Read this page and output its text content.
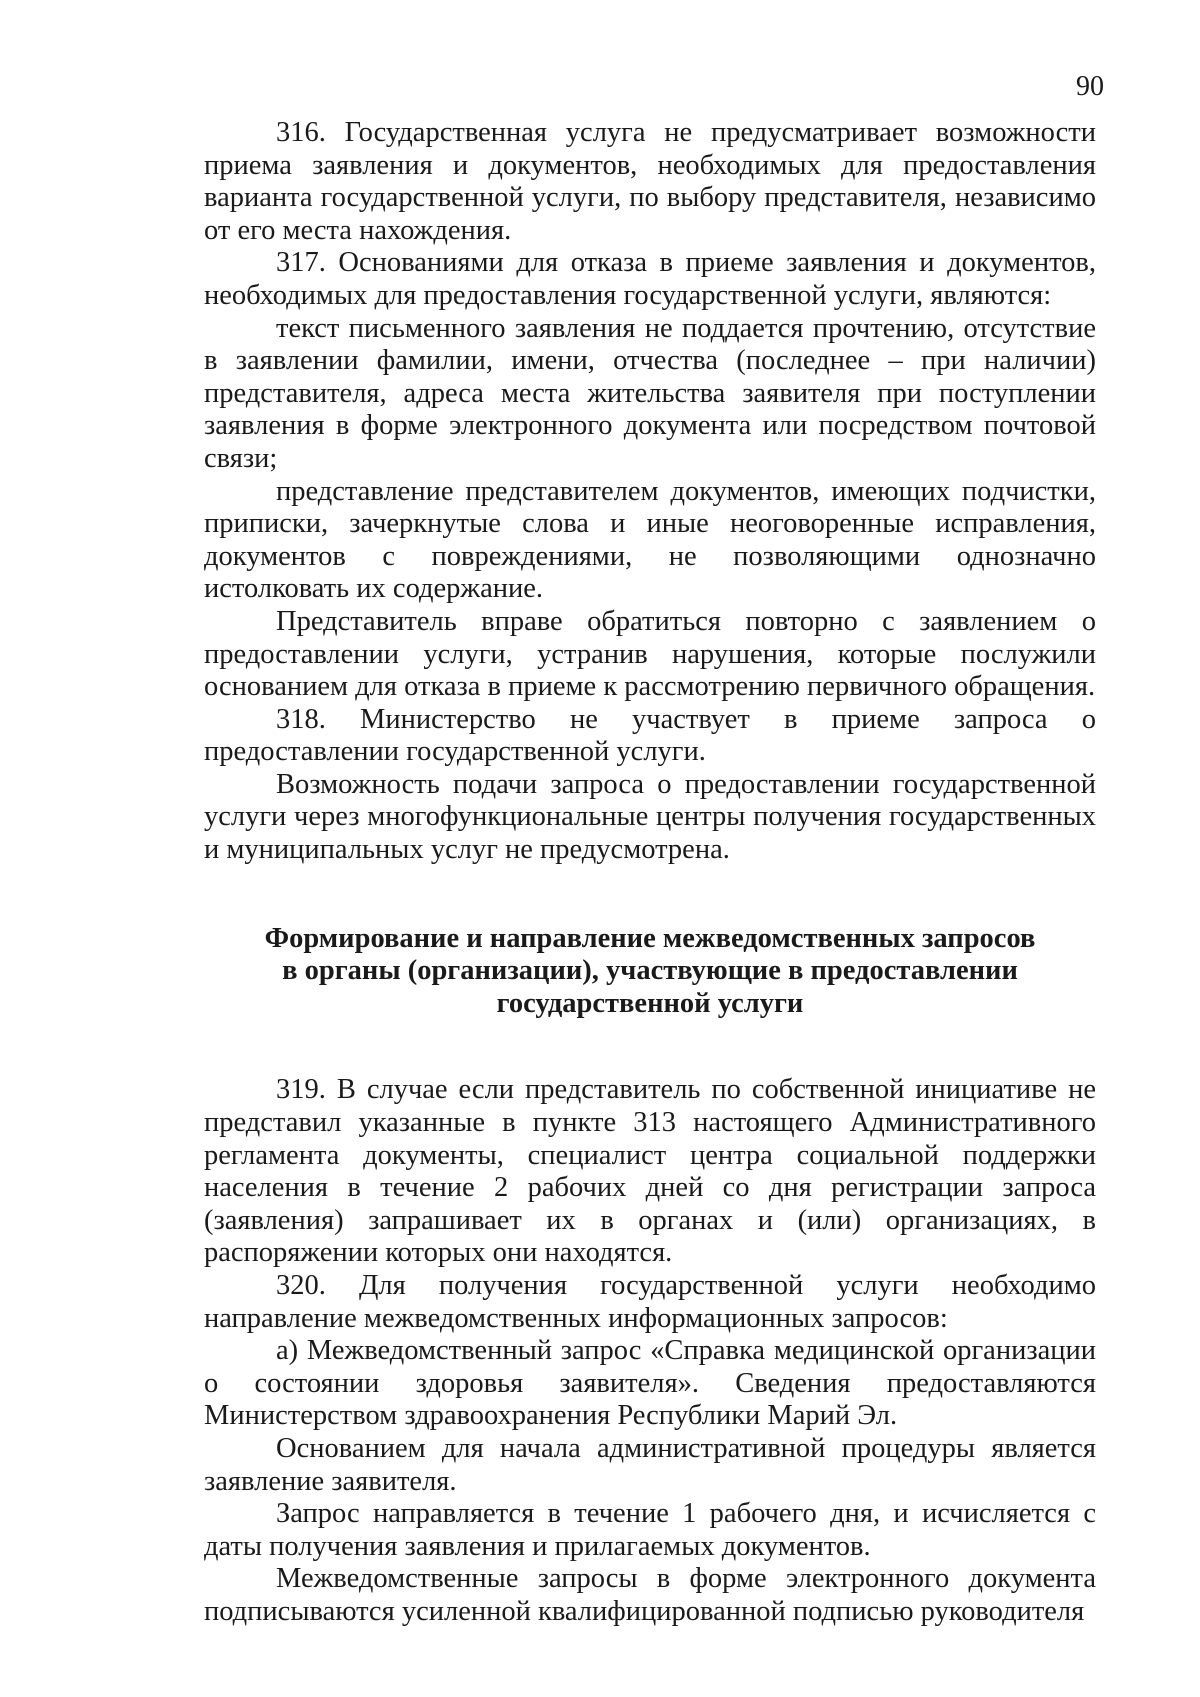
90

316. Государственная услуга не предусматривает возможности приема заявления и документов, необходимых для предоставления варианта государственной услуги, по выбору представителя, независимо от его места нахождения.

317. Основаниями для отказа в приеме заявления и документов, необходимых для предоставления государственной услуги, являются:

текст письменного заявления не поддается прочтению, отсутствие в заявлении фамилии, имени, отчества (последнее – при наличии) представителя, адреса места жительства заявителя при поступлении заявления в форме электронного документа или посредством почтовой связи;

представление представителем документов, имеющих подчистки, приписки, зачеркнутые слова и иные неоговоренные исправления, документов с повреждениями, не позволяющими однозначно истолковать их содержание.

Представитель вправе обратиться повторно с заявлением о предоставлении услуги, устранив нарушения, которые послужили основанием для отказа в приеме к рассмотрению первичного обращения.

318. Министерство не участвует в приеме запроса о предоставлении государственной услуги.

Возможность подачи запроса о предоставлении государственной услуги через многофункциональные центры получения государственных и муниципальных услуг не предусмотрена.

Формирование и направление межведомственных запросов
в органы (организации), участвующие в предоставлении
государственной услуги

319. В случае если представитель по собственной инициативе не представил указанные в пункте 313 настоящего Административного регламента документы, специалист центра социальной поддержки населения в течение 2 рабочих дней со дня регистрации запроса (заявления) запрашивает их в органах и (или) организациях, в распоряжении которых они находятся.

320. Для получения государственной услуги необходимо направление межведомственных информационных запросов:

а) Межведомственный запрос «Справка медицинской организации о состоянии здоровья заявителя». Сведения предоставляются Министерством здравоохранения Республики Марий Эл.

Основанием для начала административной процедуры является заявление заявителя.

Запрос направляется в течение 1 рабочего дня, и исчисляется с даты получения заявления и прилагаемых документов.

Межведомственные запросы в форме электронного документа подписываются усиленной квалифицированной подписью руководителя
